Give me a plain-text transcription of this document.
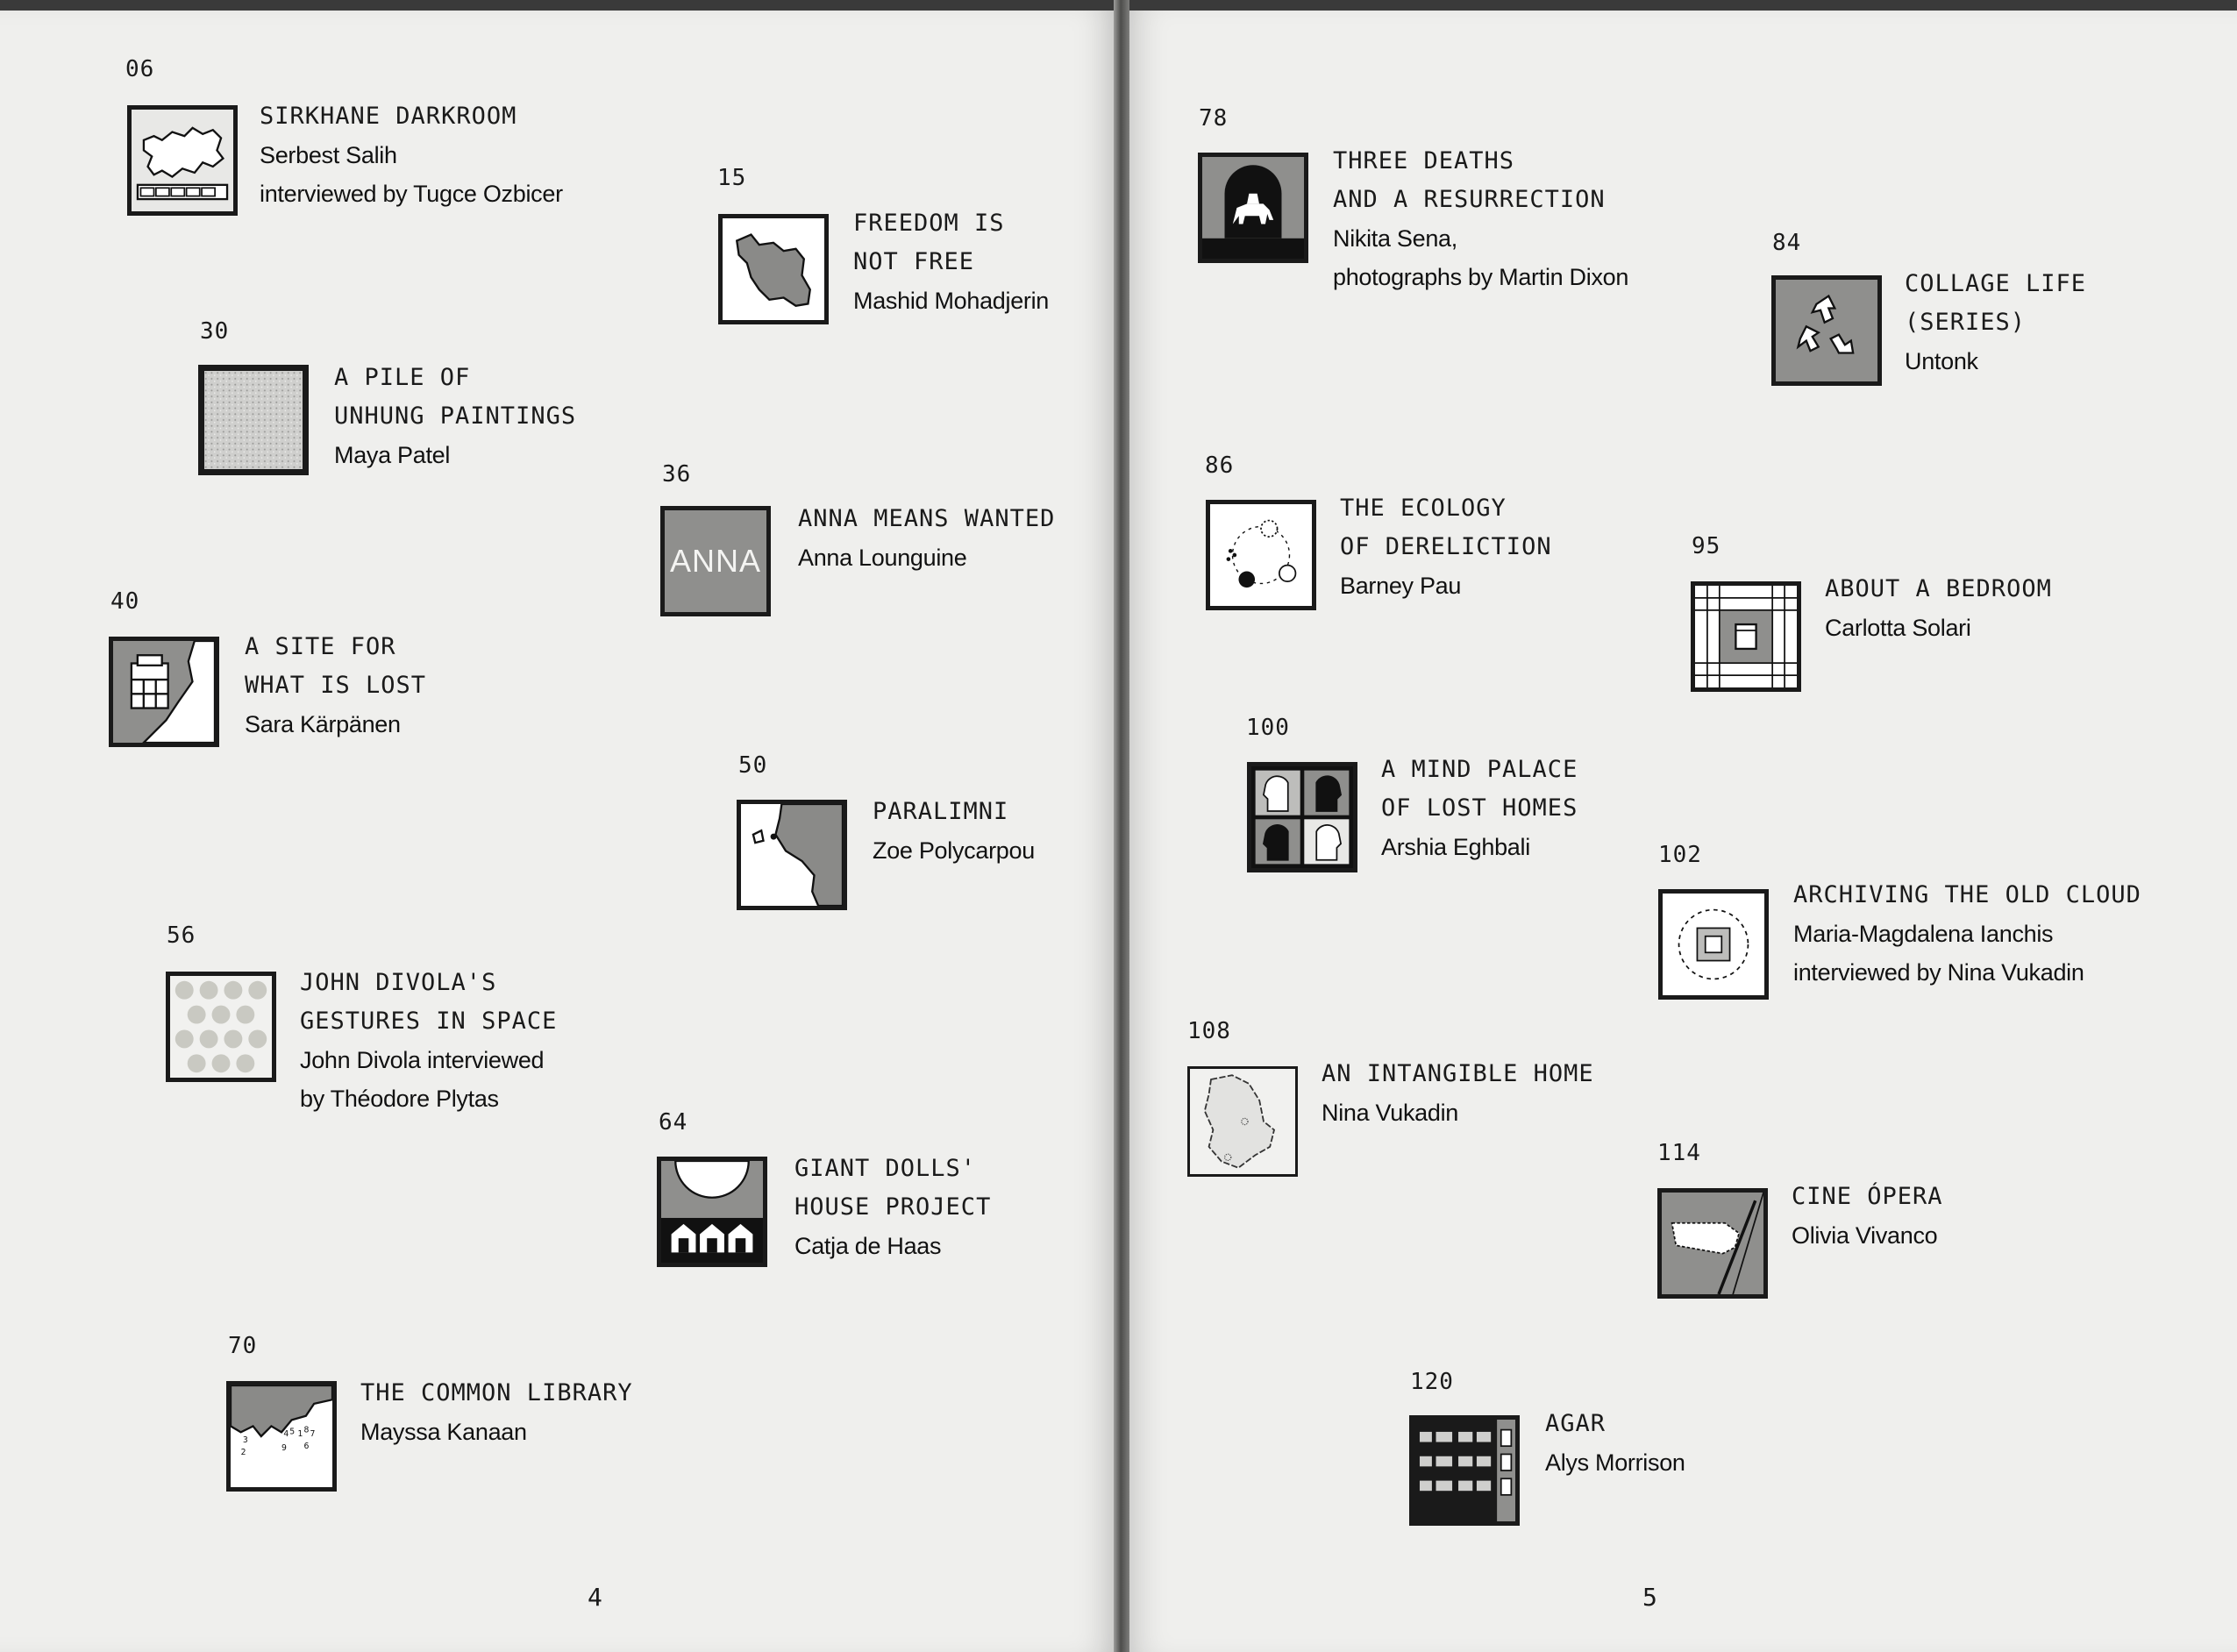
06
SIRKHANE DARKROOM
Serbest Salih
interviewed by Tugce Ozbicer
15
FREEDOM IS
NOT FREE
Mashid Mohadjerin
30
A PILE OF
UNHUNG PAINTINGS
Maya Patel
36
ANNA
ANNA MEANS WANTED
Anna Lounguine
40
A SITE FOR
WHAT IS LOST
Sara Kärpänen
50
PARALIMNI
Zoe Polycarpou
56
JOHN DIVOLA'S
GESTURES IN SPACE
John Divola interviewed
by Théodore Plytas
64
GIANT DOLLS'
HOUSE PROJECT
Catja de Haas
70
3
2
4 5 1 8 7
9 6
THE COMMON LIBRARY
Mayssa Kanaan
4
78
THREE DEATHS
AND A RESURRECTION
Nikita Sena,
photographs by Martin Dixon
84
COLLAGE LIFE
(SERIES)
Untonk
86
THE ECOLOGY
OF DERELICTION
Barney Pau
95
ABOUT A BEDROOM
Carlotta Solari
100
A MIND PALACE
OF LOST HOMES
Arshia Eghbali	102
ARCHIVING THE OLD CLOUD
Maria-Magdalena Ianchis
interviewed by Nina Vukadin
108
AN INTANGIBLE HOME
Nina Vukadin
114
CINE ÓPERA
Olivia Vivanco
120
AGAR
Alys Morrison
5
